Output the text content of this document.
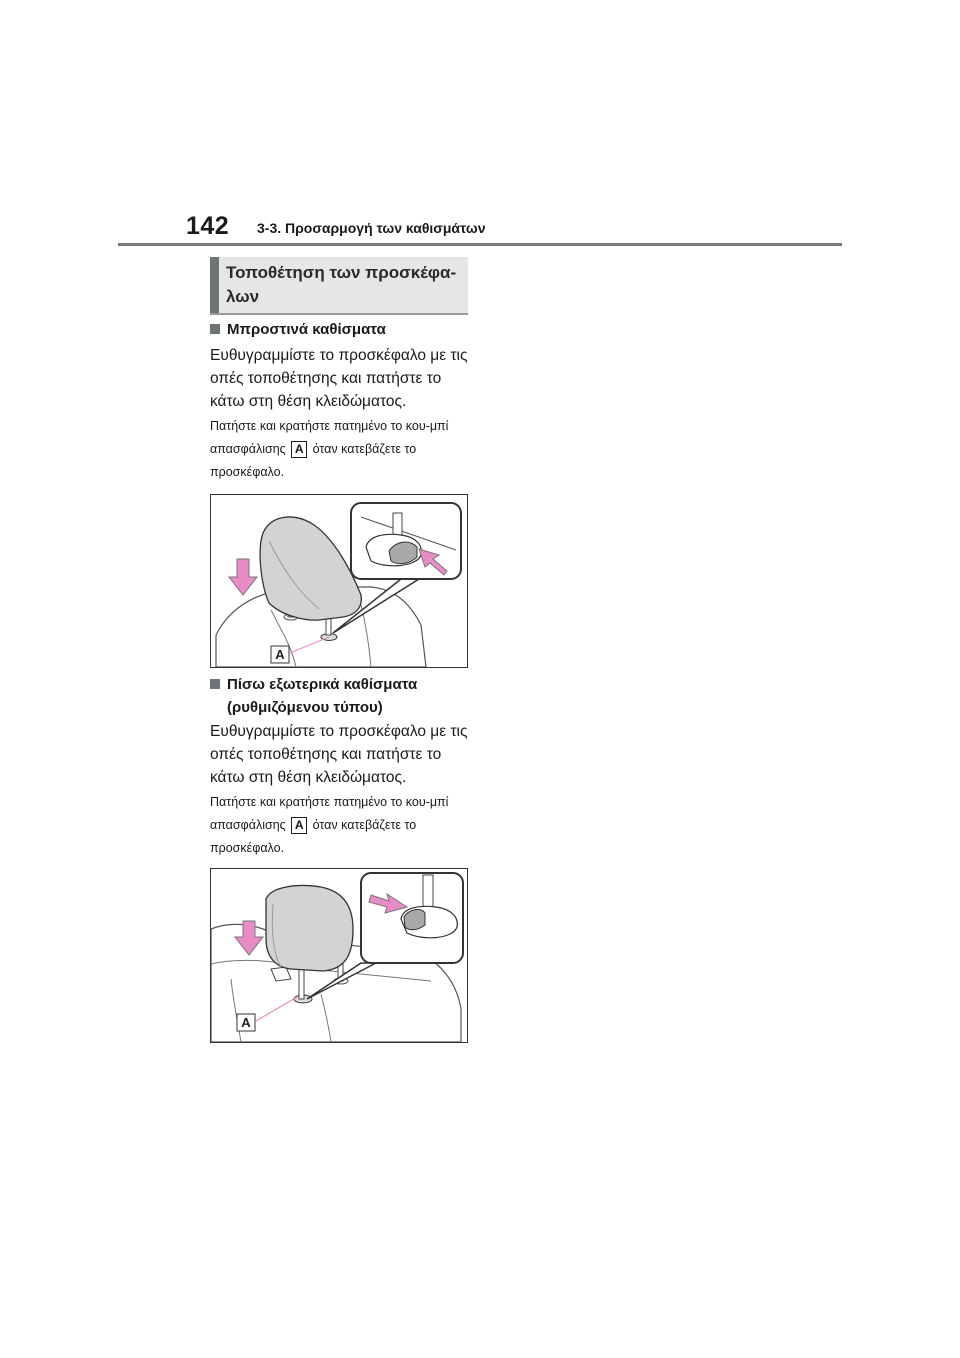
142 3-3. Προσαρμογή των καθισμάτων
Τοποθέτηση των προσκέφα-λων
Μπροστινά καθίσματα
Ευθυγραμμίστε το προσκέφαλο με τις οπές τοποθέτησης και πατήστε το κάτω στη θέση κλειδώματος.
Πατήστε και κρατήστε πατημένο το κου-μπί απασφάλισης A όταν κατεβάζετε το προσκέφαλο.
A
Πίσω εξωτερικά καθίσματα
(ρυθμιζόμενου τύπου)
Ευθυγραμμίστε το προσκέφαλο με τις οπές τοποθέτησης και πατήστε το κάτω στη θέση κλειδώματος.
Πατήστε και κρατήστε πατημένο το κου-μπί απασφάλισης A όταν κατεβάζετε το προσκέφαλο.
A
